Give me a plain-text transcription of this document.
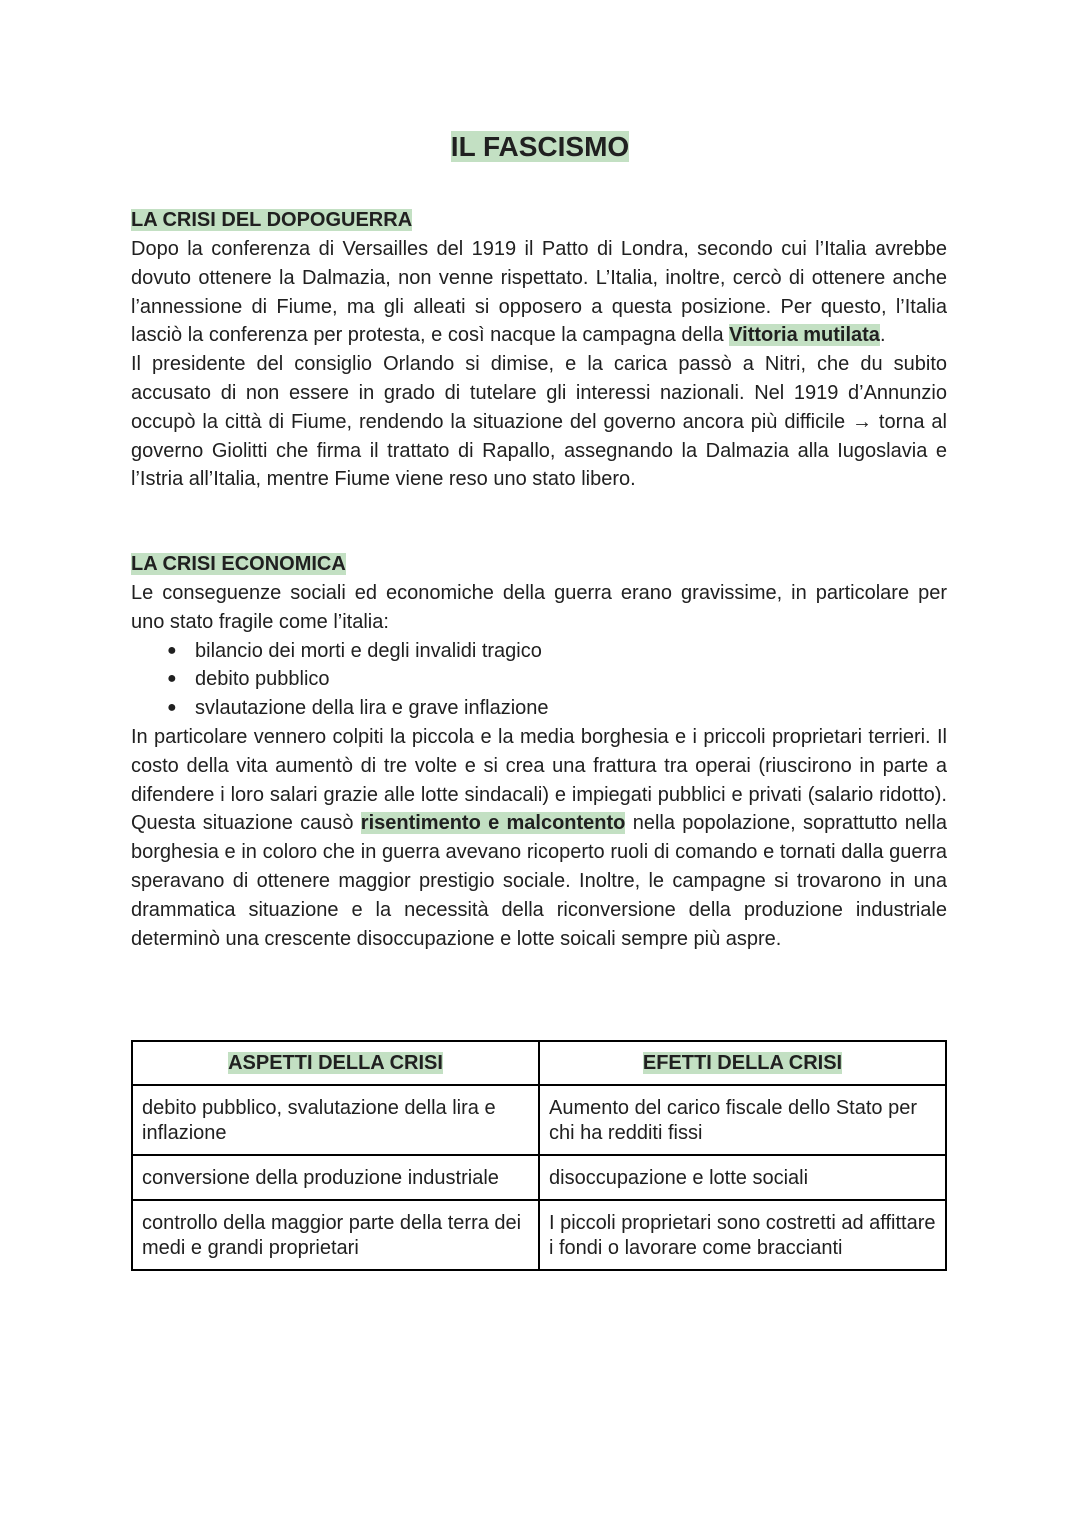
IL FASCISMO
LA CRISI DEL DOPOGUERRA

Dopo la conferenza di Versailles del 1919 il Patto di Londra, secondo cui l’Italia avrebbe dovuto ottenere la Dalmazia, non venne rispettato. L’Italia, inoltre, cercò di ottenere anche l’annessione di Fiume, ma gli alleati si opposero a questa posizione. Per questo, l’Italia lasciò la conferenza per protesta, e così nacque la campagna della Vittoria mutilata.

Il presidente del consiglio Orlando si dimise, e la carica passò a Nitri, che du subito accusato di non essere in grado di tutelare gli interessi nazionali. Nel 1919 d’Annunzio occupò la città di Fiume, rendendo la situazione del governo ancora più difficile → torna al governo Giolitti che firma il trattato di Rapallo, assegnando la Dalmazia alla Iugoslavia e l’Istria all’Italia, mentre Fiume viene reso uno stato libero.

LA CRISI ECONOMICA

Le conseguenze sociali ed economiche della guerra erano gravissime, in particolare per uno stato fragile come l’italia:

● bilancio dei morti e degli invalidi tragico
● debito pubblico
● svlautazione della lira e grave inflazione

In particolare vennero colpiti la piccola e la media borghesia e i priccoli proprietari terrieri. Il costo della vita aumentò di tre volte e si crea una frattura tra operai (riuscirono in parte a difendere i loro salari grazie alle lotte sindacali) e impiegati pubblici e privati (salario ridotto). Questa situazione causò risentimento e malcontento nella popolazione, soprattutto nella borghesia e in coloro che in guerra avevano ricoperto ruoli di comando e tornati dalla guerra speravano di ottenere maggior prestigio sociale. Inoltre, le campagne si trovarono in una drammatica situazione e la necessità della riconversione della produzione industriale determinò una crescente disoccupazione e lotte soicali sempre più aspre.

ASPETTI DELLA CRISI	EFETTI DELLA CRISI
debito pubblico, svalutazione della lira e inflazione	Aumento del carico fiscale dello Stato per chi ha redditi fissi
conversione della produzione industriale	disoccupazione e lotte sociali
controllo della maggior parte della terra dei medi e grandi proprietari	I piccoli proprietari sono costretti ad affittare i fondi o lavorare come braccianti
